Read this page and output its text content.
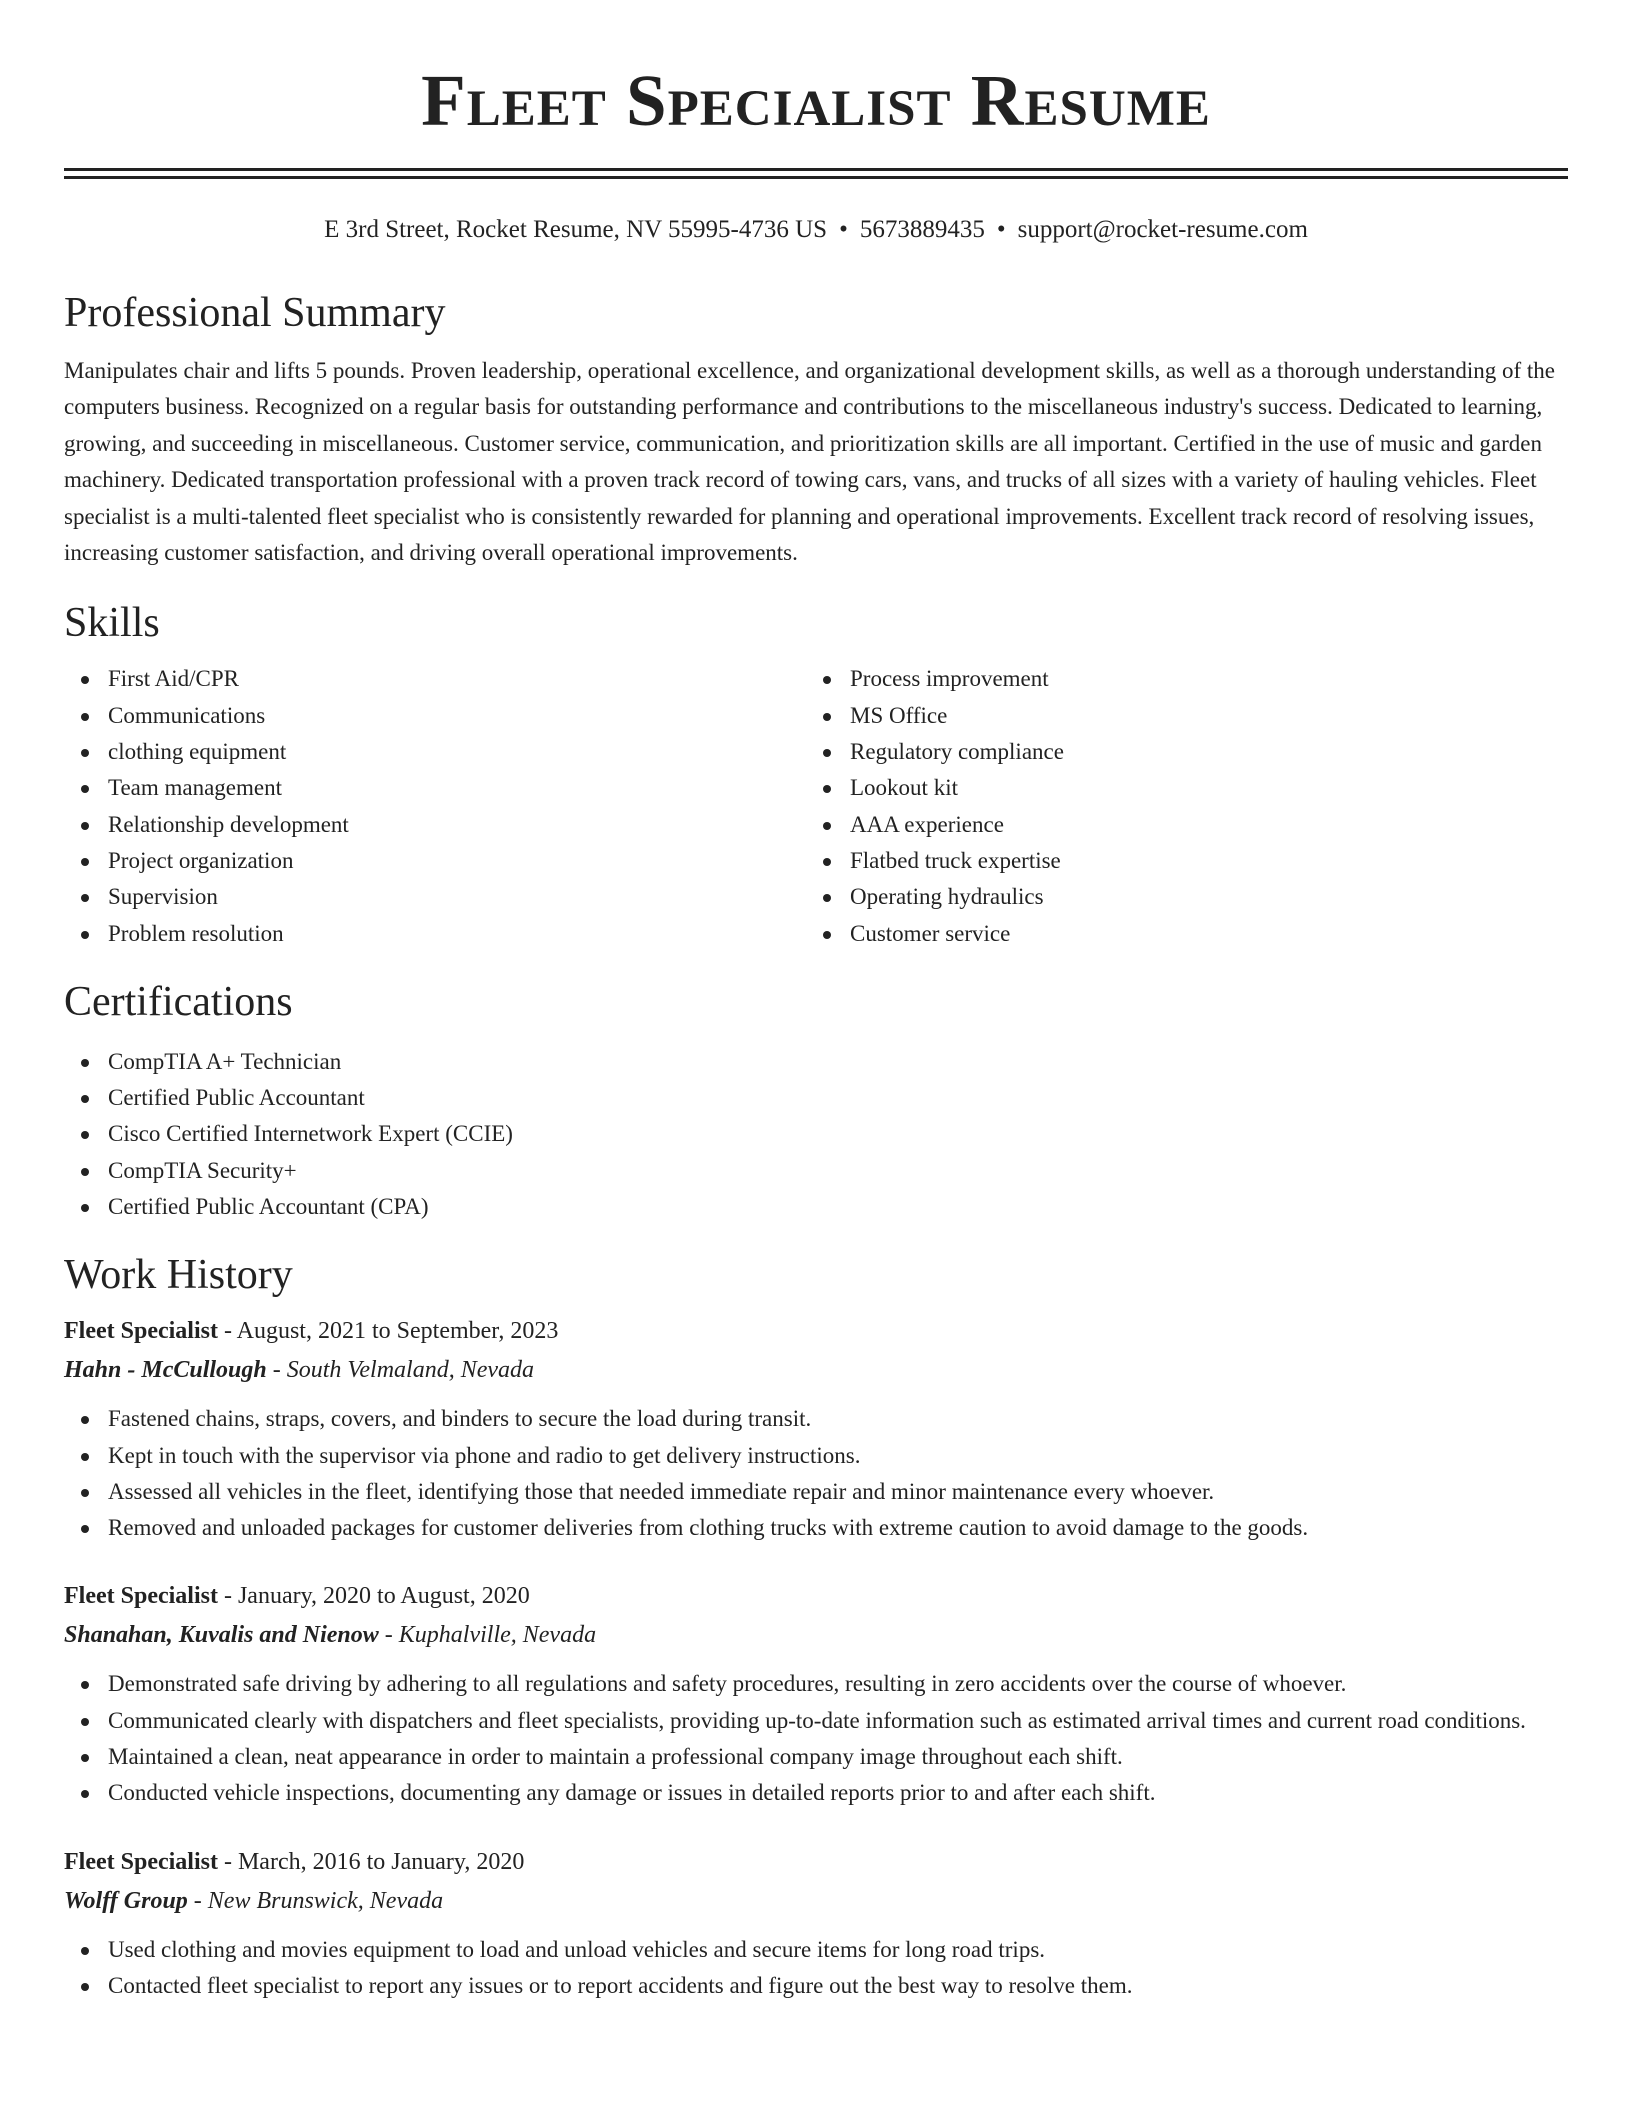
Fleet Specialist Resume
E 3rd Street, Rocket Resume, NV 55995-4736 US • 5673889435 • support@rocket-resume.com
Professional Summary

Manipulates chair and lifts 5 pounds. Proven leadership, operational excellence, and organizational development skills, as well as a thorough understanding of the computers business. Recognized on a regular basis for outstanding performance and contributions to the miscellaneous industry's success. Dedicated to learning, growing, and succeeding in miscellaneous. Customer service, communication, and prioritization skills are all important. Certified in the use of music and garden machinery. Dedicated transportation professional with a proven track record of towing cars, vans, and trucks of all sizes with a variety of hauling vehicles. Fleet specialist is a multi-talented fleet specialist who is consistently rewarded for planning and operational improvements. Excellent track record of resolving issues, increasing customer satisfaction, and driving overall operational improvements.

Skills
First Aid/CPR
Communications
clothing equipment
Team management
Relationship development
Project organization
Supervision
Problem resolution
Process improvement
MS Office
Regulatory compliance
Lookout kit
AAA experience
Flatbed truck expertise
Operating hydraulics
Customer service
Certifications
CompTIA A+ Technician
Certified Public Accountant
Cisco Certified Internetwork Expert (CCIE)
CompTIA Security+
Certified Public Accountant (CPA)
Work History
Fleet Specialist - August, 2021 to September, 2023
Hahn - McCullough - South Velmaland, Nevada
Fastened chains, straps, covers, and binders to secure the load during transit.
Kept in touch with the supervisor via phone and radio to get delivery instructions.
Assessed all vehicles in the fleet, identifying those that needed immediate repair and minor maintenance every whoever.
Removed and unloaded packages for customer deliveries from clothing trucks with extreme caution to avoid damage to the goods.
Fleet Specialist - January, 2020 to August, 2020
Shanahan, Kuvalis and Nienow - Kuphalville, Nevada
Demonstrated safe driving by adhering to all regulations and safety procedures, resulting in zero accidents over the course of whoever.
Communicated clearly with dispatchers and fleet specialists, providing up-to-date information such as estimated arrival times and current road conditions.
Maintained a clean, neat appearance in order to maintain a professional company image throughout each shift.
Conducted vehicle inspections, documenting any damage or issues in detailed reports prior to and after each shift.
Fleet Specialist - March, 2016 to January, 2020
Wolff Group - New Brunswick, Nevada
Used clothing and movies equipment to load and unload vehicles and secure items for long road trips.
Contacted fleet specialist to report any issues or to report accidents and figure out the best way to resolve them.
